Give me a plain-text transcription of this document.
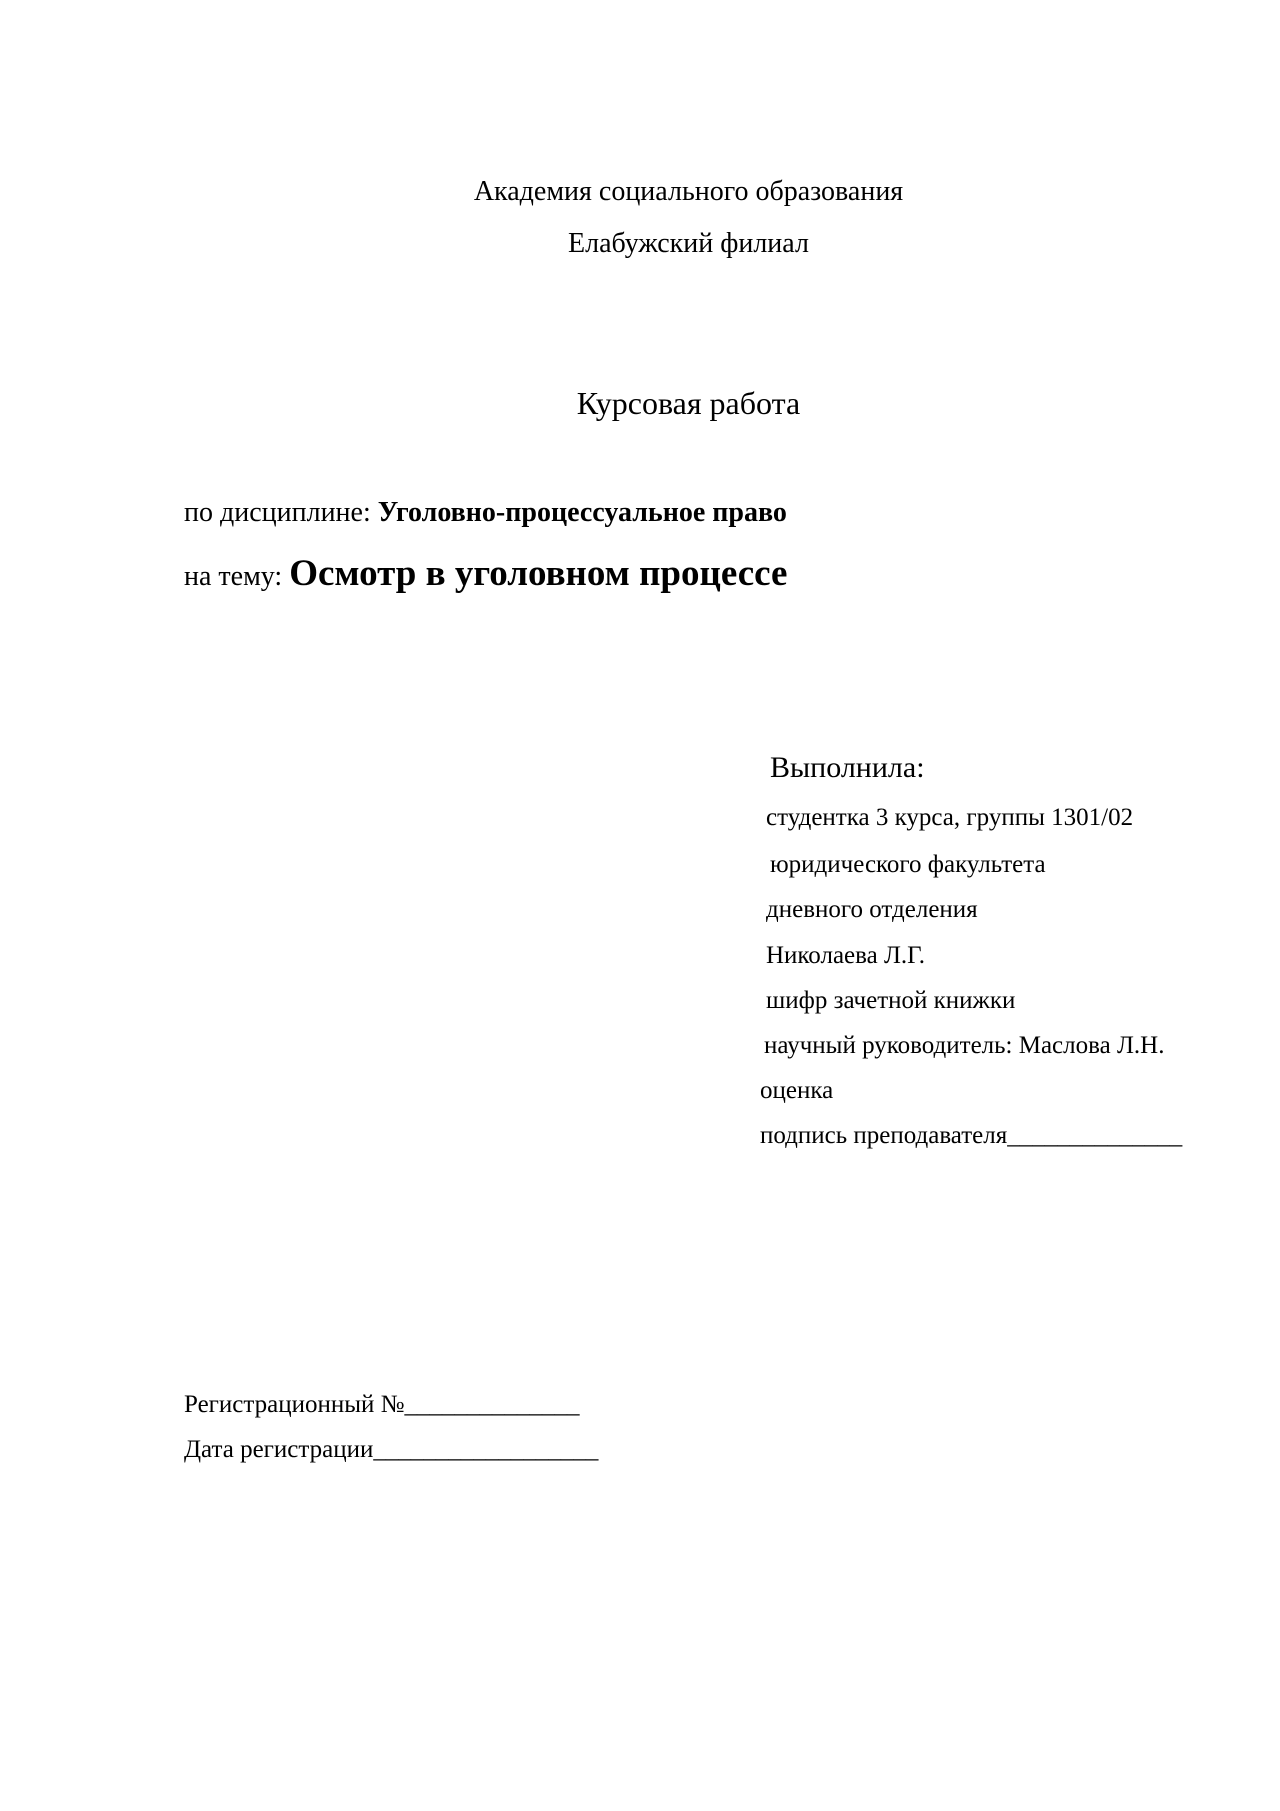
Академия социального образования
Елабужский филиал
Курсовая работа
по дисциплине: Уголовно-процессуальное право
на тему: Осмотр в уголовном процессе
Выполнила:
студентка 3 курса, группы 1301/02
юридического факультета
дневного отделения
Николаева Л.Г.
шифр зачетной книжки
научный руководитель: Маслова Л.Н.
оценка
подпись преподавателя______________
Регистрационный №______________
Дата регистрации__________________
